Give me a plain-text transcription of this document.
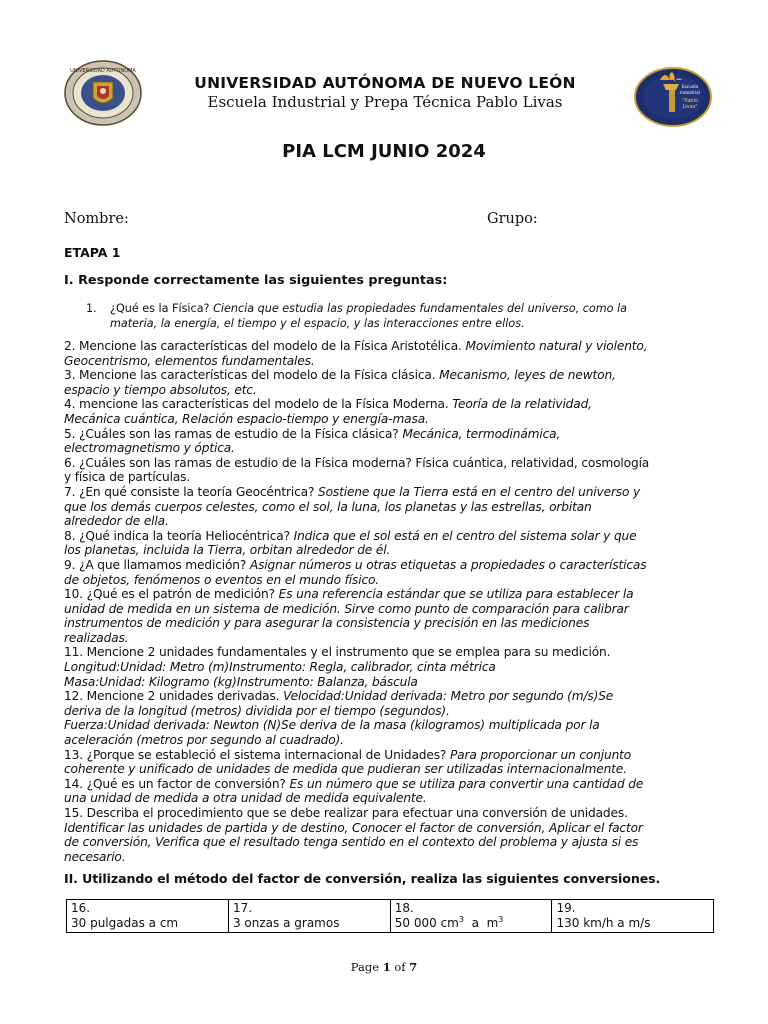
UNIVERSIDAD AUTONOMA
Escuela
Industrial
"Pablo
Livas"
UNIVERSIDAD AUTÓNOMA DE NUEVO LEÓN
Escuela Industrial y Prepa Técnica Pablo Livas
PIA LCM JUNIO 2024
Nombre:	Grupo:
ETAPA 1
I. Responde correctamente las siguientes preguntas:
1. ¿Qué es la Física? Ciencia que estudia las propiedades fundamentales del universo, como la
materia, la energía, el tiempo y el espacio, y las interacciones entre ellos.
2. Mencione las características del modelo de la Física Aristotélica. Movimiento natural y violento,
Geocentrismo, elementos fundamentales.
3. Mencione las características del modelo de la Física clásica. Mecanismo, leyes de newton,
espacio y tiempo absolutos, etc.
4. mencione las características del modelo de la Física Moderna. Teoría de la relatividad,
Mecánica cuántica, Relación espacio-tiempo y energía-masa.
5. ¿Cuáles son las ramas de estudio de la Física clásica? Mecánica, termodinámica,
electromagnetismo y óptica.
6. ¿Cuáles son las ramas de estudio de la Física moderna? Física cuántica, relatividad, cosmología
y física de partículas.
7. ¿En qué consiste la teoría Geocéntrica? Sostiene que la Tierra está en el centro del universo y
que los demás cuerpos celestes, como el sol, la luna, los planetas y las estrellas, orbitan
alrededor de ella.
8. ¿Qué indica la teoría Heliocéntrica? Indica que el sol está en el centro del sistema solar y que
los planetas, incluida la Tierra, orbitan alrededor de él.
9. ¿A que llamamos medición? Asignar números u otras etiquetas a propiedades o características
de objetos, fenómenos o eventos en el mundo físico.
10. ¿Qué es el patrón de medición? Es una referencia estándar que se utiliza para establecer la
unidad de medida en un sistema de medición. Sirve como punto de comparación para calibrar
instrumentos de medición y para asegurar la consistencia y precisión en las mediciones
realizadas.
11. Mencione 2 unidades fundamentales y el instrumento que se emplea para su medición.
Longitud:Unidad: Metro (m)Instrumento: Regla, calibrador, cinta métrica
Masa:Unidad: Kilogramo (kg)Instrumento: Balanza, báscula
12. Mencione 2 unidades derivadas. Velocidad:Unidad derivada: Metro por segundo (m/s)Se
deriva de la longitud (metros) dividida por el tiempo (segundos).
Fuerza:Unidad derivada: Newton (N)Se deriva de la masa (kilogramos) multiplicada por la
aceleración (metros por segundo al cuadrado).
13. ¿Porque se estableció el sistema internacional de Unidades? Para proporcionar un conjunto
coherente y unificado de unidades de medida que pudieran ser utilizadas internacionalmente.
14. ¿Qué es un factor de conversión? Es un número que se utiliza para convertir una cantidad de
una unidad de medida a otra unidad de medida equivalente.
15. Describa el procedimiento que se debe realizar para efectuar una conversión de unidades.
Identificar las unidades de partida y de destino, Conocer el factor de conversión, Aplicar el factor
de conversión, Verifica que el resultado tenga sentido en el contexto del problema y ajusta si es
necesario.
II. Utilizando el método del factor de conversión, realiza las siguientes conversiones.
16.
30 pulgadas a cm	17.
3 onzas a gramos	18.
50 000 $cm^3$  a  $m^3$	19.
130 km/h a m/s
Page 1 of 7
